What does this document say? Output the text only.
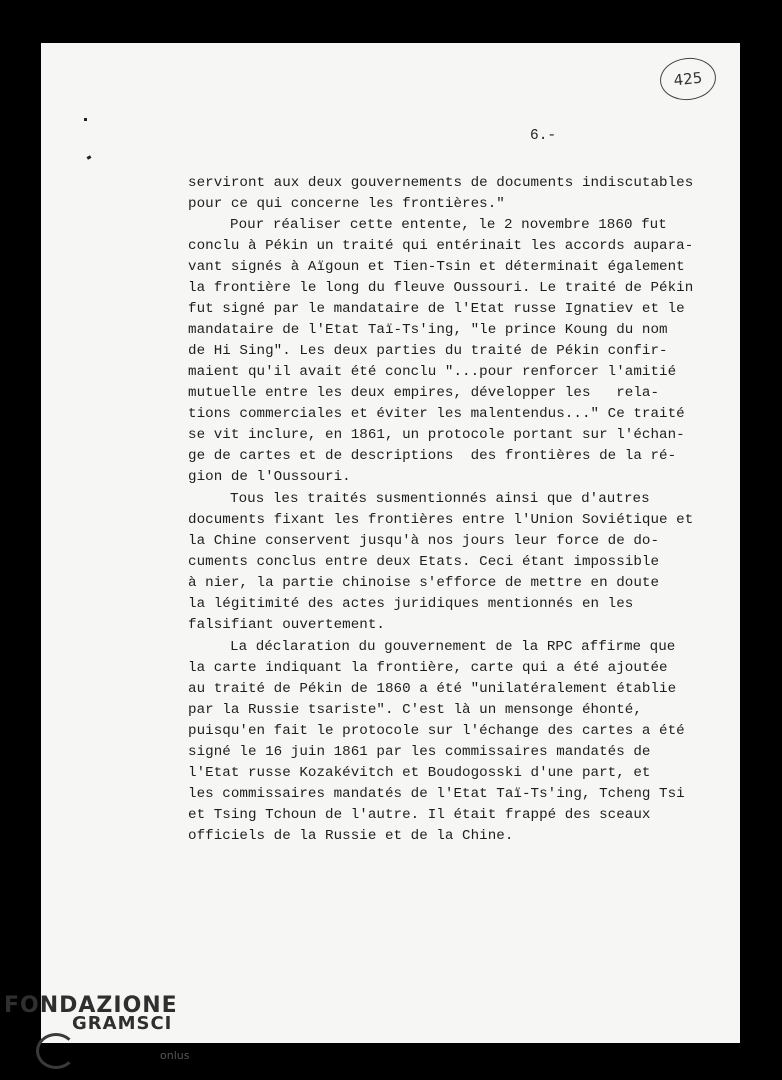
425
6.-
serviront aux deux gouvernements de documents indiscutables
pour ce qui concerne les frontières."
Pour réaliser cette entente, le 2 novembre 1860 fut
conclu à Pékin un traité qui entérinait les accords aupara-
vant signés à Aïgoun et Tien-Tsin et déterminait également
la frontière le long du fleuve Oussouri. Le traité de Pékin
fut signé par le mandataire de l'Etat russe Ignatiev et le
mandataire de l'Etat Taï-Ts'ing, "le prince Koung du nom
de Hi Sing". Les deux parties du traité de Pékin confir-
maient qu'il avait été conclu "...pour renforcer l'amitié
mutuelle entre les deux empires, développer les   rela-
tions commerciales et éviter les malentendus..." Ce traité
se vit inclure, en 1861, un protocole portant sur l'échan-
ge de cartes et de descriptions  des frontières de la ré-
gion de l'Oussouri.
Tous les traités susmentionnés ainsi que d'autres
documents fixant les frontières entre l'Union Soviétique et
la Chine conservent jusqu'à nos jours leur force de do-
cuments conclus entre deux Etats. Ceci étant impossible
à nier, la partie chinoise s'efforce de mettre en doute
la légitimité des actes juridiques mentionnés en les
falsifiant ouvertement.
La déclaration du gouvernement de la RPC affirme que
la carte indiquant la frontière, carte qui a été ajoutée
au traité de Pékin de 1860 a été "unilatéralement établie
par la Russie tsariste". C'est là un mensonge éhonté,
puisqu'en fait le protocole sur l'échange des cartes a été
signé le 16 juin 1861 par les commissaires mandatés de
l'Etat russe Kozakévitch et Boudogosski d'une part, et
les commissaires mandatés de l'Etat Taï-Ts'ing, Tcheng Tsi
et Tsing Tchoun de l'autre. Il était frappé des sceaux
officiels de la Russie et de la Chine.
FONDAZIONE
GRAMSCI
onlus
